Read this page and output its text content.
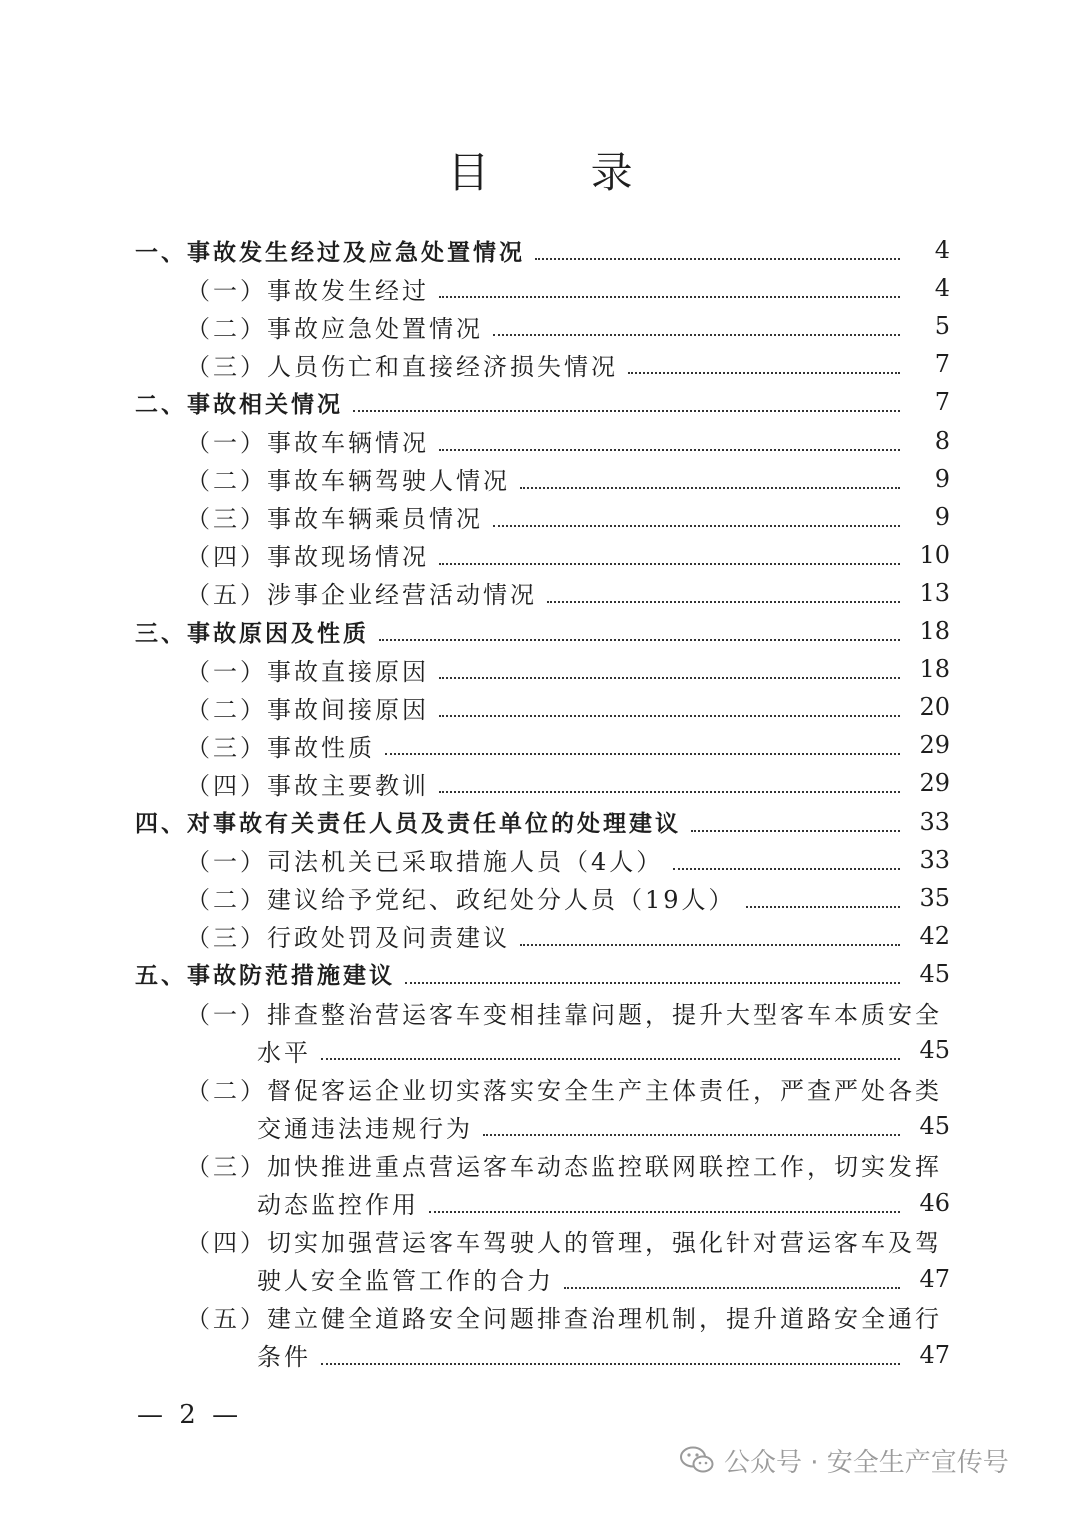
目 录
一、事故发生经过及应急处置情况	4
（一）事故发生经过	4
（二）事故应急处置情况	5
（三）人员伤亡和直接经济损失情况	7
二、事故相关情况	7
（一）事故车辆情况	8
（二）事故车辆驾驶人情况	9
（三）事故车辆乘员情况	9
（四）事故现场情况	10
（五）涉事企业经营活动情况	13
三、事故原因及性质	18
（一）事故直接原因	18
（二）事故间接原因	20
（三）事故性质	29
（四）事故主要教训	29
四、对事故有关责任人员及责任单位的处理建议	33
（一）司法机关已采取措施人员（4人）	33
（二）建议给予党纪、政纪处分人员（19人）	35
（三）行政处罚及问责建议	42
五、事故防范措施建议	45
（一）排查整治营运客车变相挂靠问题，提升大型客车本质安全
水平	45
（二）督促客运企业切实落实安全生产主体责任，严查严处各类
交通违法违规行为	45
（三）加快推进重点营运客车动态监控联网联控工作，切实发挥
动态监控作用	46
（四）切实加强营运客车驾驶人的管理，强化针对营运客车及驾
驶人安全监管工作的合力	47
（五）建立健全道路安全问题排查治理机制，提升道路安全通行
条件	47
— 2 —
公众号 · 安全生产宣传号
